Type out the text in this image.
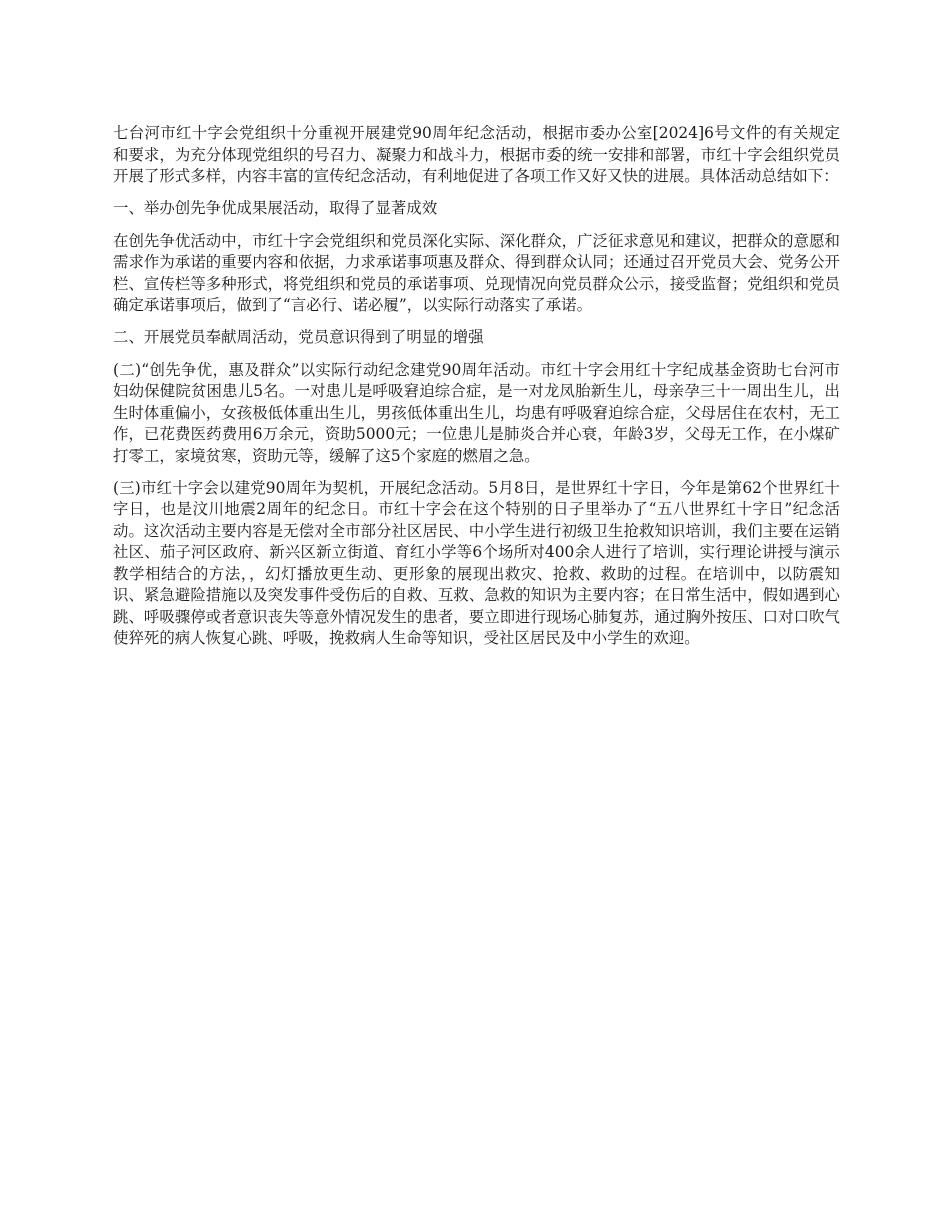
七台河市红十字会党组织十分重视开展建党90周年纪念活动，根据市委办公室[2024]6号文件的有关规定和要求，为充分体现党组织的号召力、凝聚力和战斗力，根据市委的统一安排和部署，市红十字会组织党员开展了形式多样，内容丰富的宣传纪念活动，有利地促进了各项工作又好又快的进展。具体活动总结如下：

一、举办创先争优成果展活动，取得了显著成效

在创先争优活动中，市红十字会党组织和党员深化实际、深化群众，广泛征求意见和建议，把群众的意愿和需求作为承诺的重要内容和依据，力求承诺事项惠及群众、得到群众认同；还通过召开党员大会、党务公开栏、宣传栏等多种形式，将党组织和党员的承诺事项、兑现情况向党员群众公示，接受监督；党组织和党员确定承诺事项后，做到了“言必行、诺必履”，以实际行动落实了承诺。

二、开展党员奉献周活动，党员意识得到了明显的增强

(二)“创先争优，惠及群众”以实际行动纪念建党90周年活动。市红十字会用红十字纪成基金资助七台河市妇幼保健院贫困患儿5名。一对患儿是呼吸窘迫综合症，是一对龙凤胎新生儿，母亲孕三十一周出生儿，出生时体重偏小，女孩极低体重出生儿，男孩低体重出生儿，均患有呼吸窘迫综合症，父母居住在农村，无工作，已花费医药费用6万余元，资助5000元；一位患儿是肺炎合并心衰，年龄3岁，父母无工作，在小煤矿打零工，家境贫寒，资助元等，缓解了这5个家庭的燃眉之急。

(三)市红十字会以建党90周年为契机，开展纪念活动。5月8日，是世界红十字日，今年是第62个世界红十字日，也是汶川地震2周年的纪念日。市红十字会在这个特别的日子里举办了“五八世界红十字日”纪念活动。这次活动主要内容是无偿对全市部分社区居民、中小学生进行初级卫生抢救知识培训，我们主要在运销社区、茄子河区政府、新兴区新立街道、育红小学等6个场所对400余人进行了培训，实行理论讲授与演示教学相结合的方法，，幻灯播放更生动、更形象的展现出救灾、抢救、救助的过程。在培训中，以防震知识、紧急避险措施以及突发事件受伤后的自救、互救、急救的知识为主要内容；在日常生活中，假如遇到心跳、呼吸骤停或者意识丧失等意外情况发生的患者，要立即进行现场心肺复苏，通过胸外按压、口对口吹气使猝死的病人恢复心跳、呼吸，挽救病人生命等知识，受社区居民及中小学生的欢迎。
